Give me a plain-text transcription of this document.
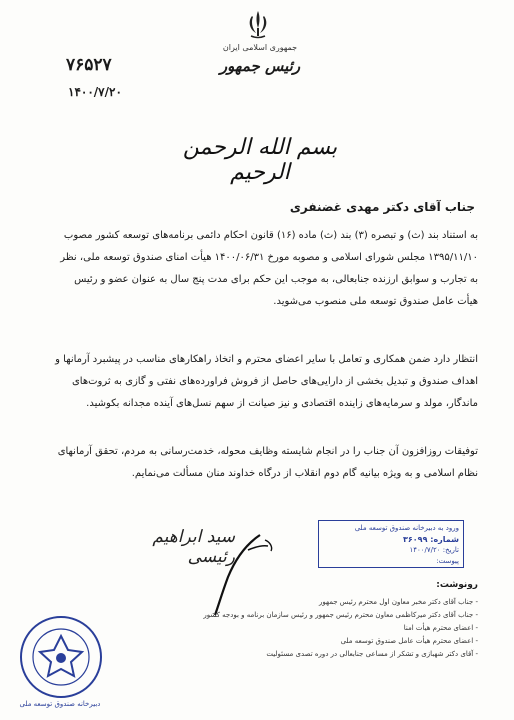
جمهوری اسلامی ایران
رئیس جمهور
۷۶۵۲۷
۱۴۰۰/۷/۲۰
بسم الله الرحمن الرحیم
جناب آقای دکتر مهدی غضنفری
به استناد بند (ث) و تبصره (۳) بند (ث) ماده (۱۶) قانون احکام دائمی برنامه‌های توسعه کشور مصوب ۱۳۹۵/۱۱/۱۰ مجلس شورای اسلامی و مصوبه مورخ ۱۴۰۰/۰۶/۳۱ هیأت امنای صندوق توسعه ملی، نظر به تجارب و سوابق ارزنده جنابعالی، به موجب این حکم برای مدت پنج سال به عنوان عضو و رئیس هیأت عامل صندوق توسعه ملی منصوب می‌شوید.
انتظار دارد ضمن همکاری و تعامل با سایر اعضای محترم و اتخاذ راهکارهای مناسب در پیشبرد آرمانها و اهداف صندوق و تبدیل بخشی از دارایی‌های حاصل از فروش فراورده‌های نفتی و گازی به ثروت‌های ماندگار، مولد و سرمایه‌های زاینده اقتصادی و نیز صیانت از سهم نسل‌های آینده مجدانه بکوشید.
توفیقات روزافزون آن جناب را در انجام شایسته وظایف محوله، خدمت‌رسانی به مردم، تحقق آرمانهای نظام اسلامی و به ویژه بیانیه گام دوم انقلاب از درگاه خداوند منان مسألت می‌نمایم.
سید ابراهیم رئیسی
ورود به دبیرخانه صندوق توسعه ملی
شماره: ۳۶۰۹۹
تاریخ: ۱۴۰۰/۷/۲۰
پیوست:
رونوشت:
- جناب آقای دکتر مخبر معاون اول محترم رئیس جمهور
- جناب آقای دکتر میرکاظمی معاون محترم رئیس جمهور و رئیس سازمان برنامه و بودجه کشور
- اعضای محترم هیأت امنا
- اعضای محترم هیأت عامل صندوق توسعه ملی
- آقای دکتر شهبازی و تشکر از مساعی جنابعالی در دوره تصدی مسئولیت
دبیرخانه صندوق توسعه ملی
